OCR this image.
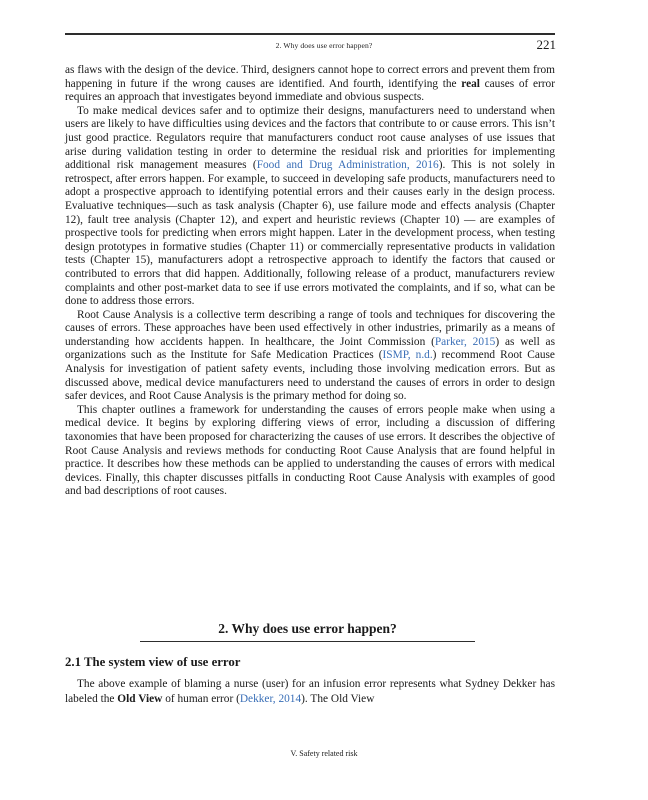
2. Why does use error happen?	221

as flaws with the design of the device. Third, designers cannot hope to correct errors and prevent them from happening in future if the wrong causes are identified. And fourth, identifying the real causes of error requires an approach that investigates beyond immediate and obvious suspects.

To make medical devices safer and to optimize their designs, manufacturers need to understand when users are likely to have difficulties using devices and the factors that contribute to or cause errors. This isn’t just good practice. Regulators require that manufacturers conduct root cause analyses of use issues that arise during validation testing in order to determine the residual risk and priorities for implementing additional risk management measures (Food and Drug Administration, 2016). This is not solely in retrospect, after errors happen. For example, to succeed in developing safe products, manufacturers need to adopt a prospective approach to identifying potential errors and their causes early in the design process. Evaluative techniques—such as task analysis (Chapter 6), use failure mode and effects analysis (Chapter 12), fault tree analysis (Chapter 12), and expert and heuristic reviews (Chapter 10) — are examples of prospective tools for predicting when errors might happen. Later in the development process, when testing design prototypes in formative studies (Chapter 11) or commercially representative products in validation tests (Chapter 15), manufacturers adopt a retrospective approach to identify the factors that caused or contributed to errors that did happen. Additionally, following release of a product, manufacturers review complaints and other post-market data to see if use errors motivated the complaints, and if so, what can be done to address those errors.

Root Cause Analysis is a collective term describing a range of tools and techniques for discovering the causes of errors. These approaches have been used effectively in other industries, primarily as a means of understanding how accidents happen. In healthcare, the Joint Commission (Parker, 2015) as well as organizations such as the Institute for Safe Medication Practices (ISMP, n.d.) recommend Root Cause Analysis for investigation of patient safety events, including those involving medication errors. But as discussed above, medical device manufacturers need to understand the causes of errors in order to design safer devices, and Root Cause Analysis is the primary method for doing so.

This chapter outlines a framework for understanding the causes of errors people make when using a medical device. It begins by exploring differing views of error, including a discussion of differing taxonomies that have been proposed for characterizing the causes of use errors. It describes the objective of Root Cause Analysis and reviews methods for conducting Root Cause Analysis that are found helpful in practice. It describes how these methods can be applied to understanding the causes of errors with medical devices. Finally, this chapter discusses pitfalls in conducting Root Cause Analysis with examples of good and bad descriptions of root causes.

2. Why does use error happen?
2.1 The system view of use error

The above example of blaming a nurse (user) for an infusion error represents what Sydney Dekker has labeled the Old View of human error (Dekker, 2014). The Old View

V. Safety related risk
